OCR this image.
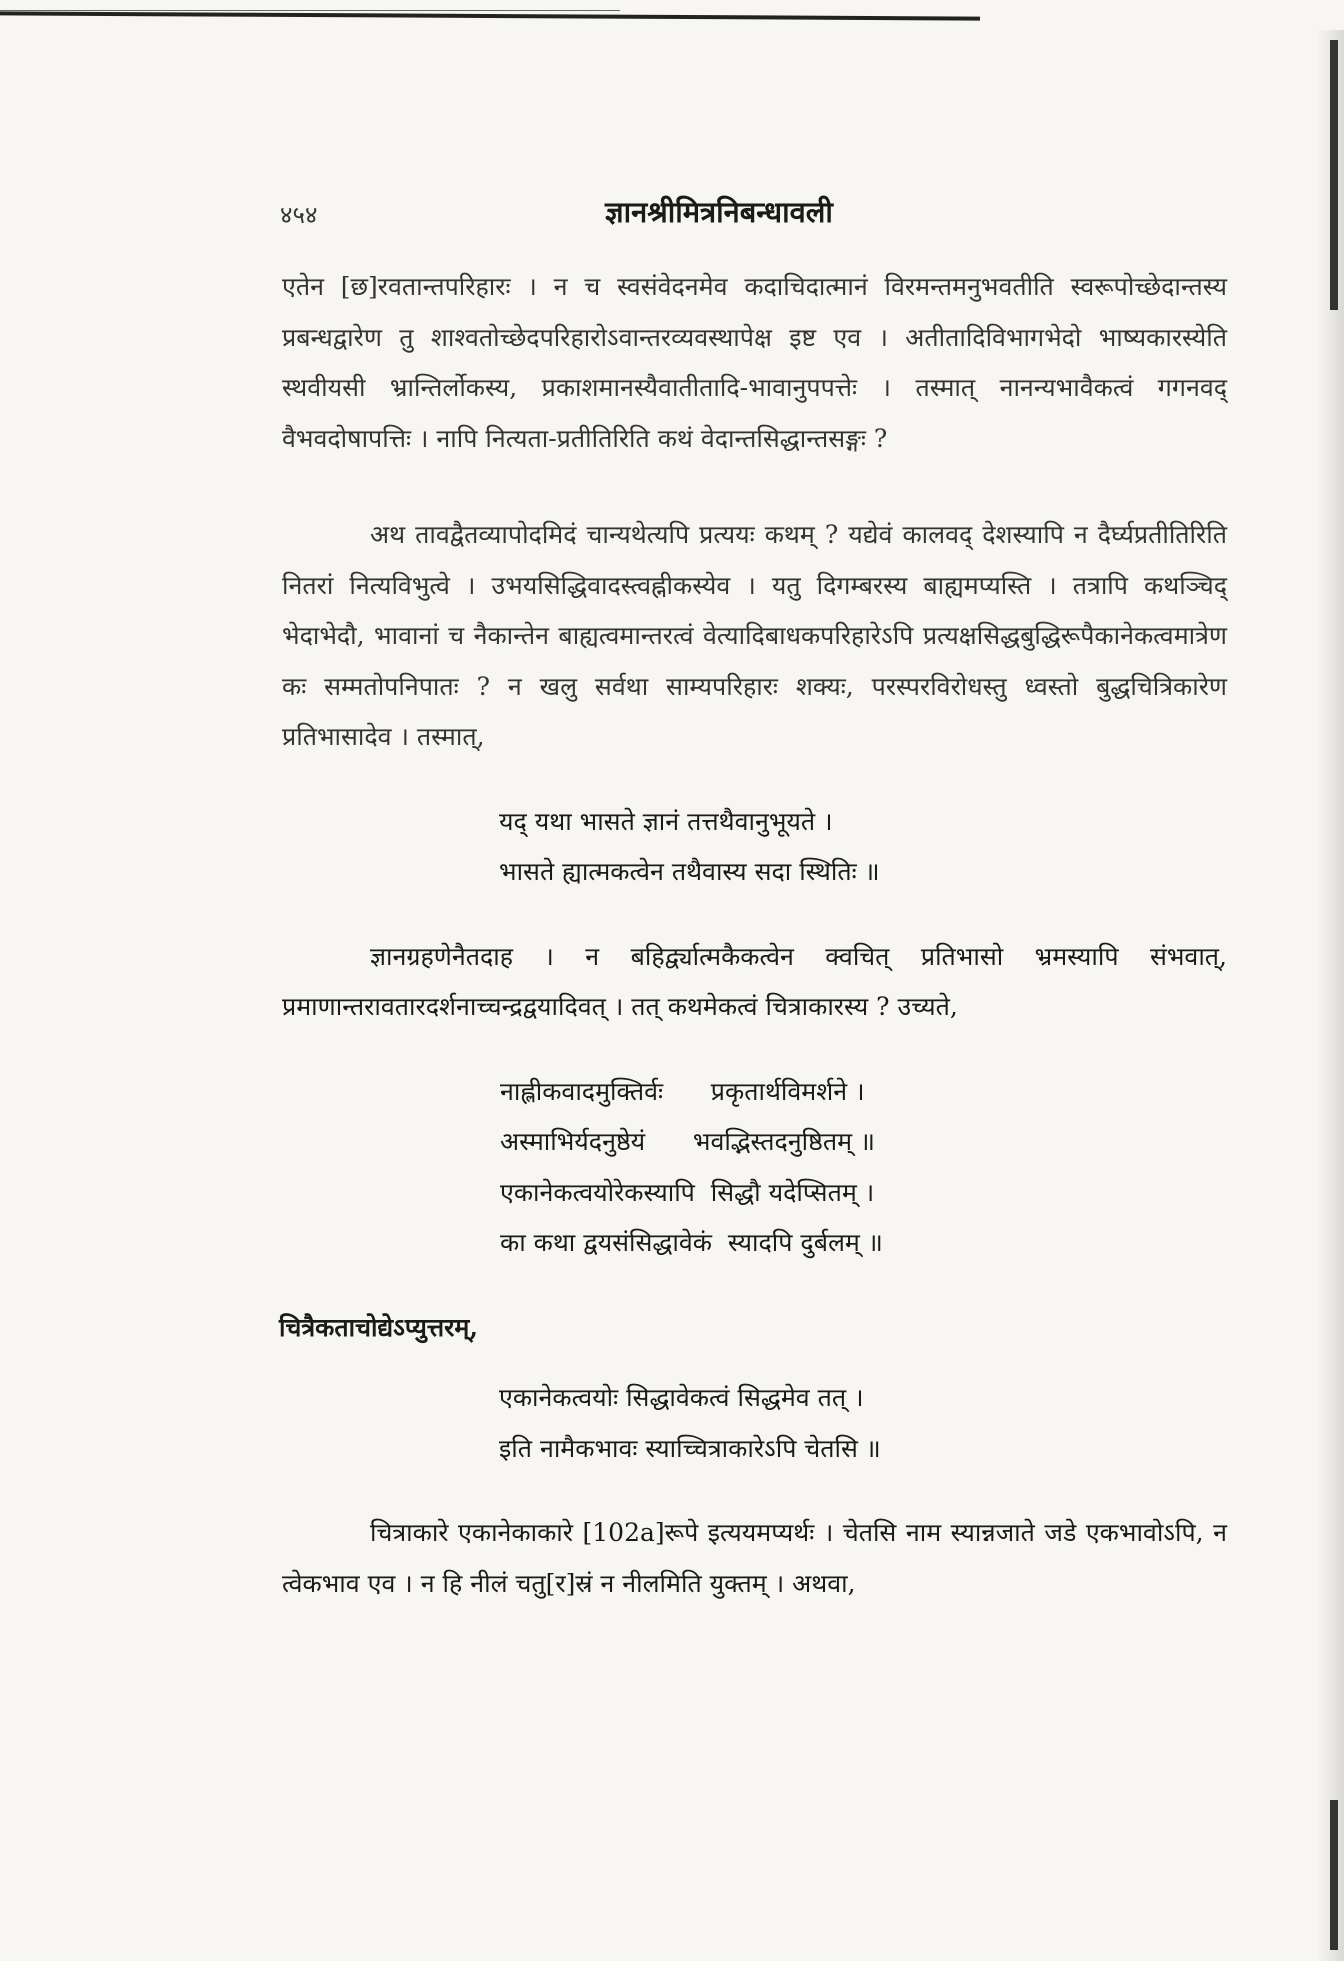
४५४	ज्ञानश्रीमित्रनिबन्धावली

एतेन [छ]रवतान्तपरिहारः । न च स्वसंवेदनमेव कदाचिदात्मानं विरमन्तमनुभवतीति स्वरूपोच्छेदान्तस्य प्रबन्धद्वारेण तु शाश्वतोच्छेदपरिहारोऽवान्तरव्यवस्थापेक्ष इष्ट एव । अतीतादिविभागभेदो भाष्यकारस्येति स्थवीयसी भ्रान्तिर्लोकस्य, प्रकाशमानस्यैवातीतादि-भावानुपपत्तेः । तस्मात् नानन्यभावैकत्वं गगनवद् वैभवदोषापत्तिः । नापि नित्यता-प्रतीतिरिति कथं वेदान्तसिद्धान्तसङ्गः ?

अथ तावद्वैतव्यापोदमिदं चान्यथेत्यपि प्रत्ययः कथम् ? यद्येवं कालवद् देशस्यापि न दैर्घ्यप्रतीतिरिति नितरां नित्यविभुत्वे । उभयसिद्धिवादस्त्वह्नीकस्येव । यतु दिगम्बरस्य बाह्यमप्यस्ति । तत्रापि कथञ्चिद् भेदाभेदौ, भावानां च नैकान्तेन बाह्यत्वमान्तरत्वं वेत्यादिबाधकपरिहारेऽपि प्रत्यक्षसिद्धबुद्धिरूपैकानेकत्वमात्रेण कः सम्मतोपनिपातः ? न खलु सर्वथा साम्यपरिहारः शक्यः, परस्परविरोधस्तु ध्वस्तो बुद्धचित्रिकारेण प्रतिभासादेव । तस्मात्,

यद् यथा भासते ज्ञानं तत्तथैवानुभूयते ।
भासते ह्यात्मकत्वेन तथैवास्य सदा स्थितिः ॥

ज्ञानग्रहणेनैतदाह । न बहिर्द्व्यात्मकैकत्वेन क्वचित् प्रतिभासो भ्रमस्यापि संभवात्, प्रमाणान्तरावतारदर्शनाच्चन्द्रद्वयादिवत् । तत् कथमेकत्वं चित्राकारस्य ? उच्यते,

नाह्लीकवादमुक्तिर्वः प्रकृतार्थविमर्शने ।
अस्माभिर्यदनुष्ठेयं भवद्भिस्तदनुष्ठितम् ॥
एकानेकत्वयोरेकस्यापि सिद्धौ यदेप्सितम् ।
का कथा द्वयसंसिद्धावेकं स्यादपि दुर्बलम् ॥

चित्रैकताचोद्येऽप्युत्तरम्,

एकानेकत्वयोः सिद्धावेकत्वं सिद्धमेव तत् ।
इति नामैकभावः स्याच्चित्राकारेऽपि चेतसि ॥

चित्राकारे एकानेकाकारे [102a]रूपे इत्ययमप्यर्थः । चेतसि नाम स्यान्नजाते जडे एकभावोऽपि, न त्वेकभाव एव । न हि नीलं चतु[र]स्रं न नीलमिति युक्तम् । अथवा,
